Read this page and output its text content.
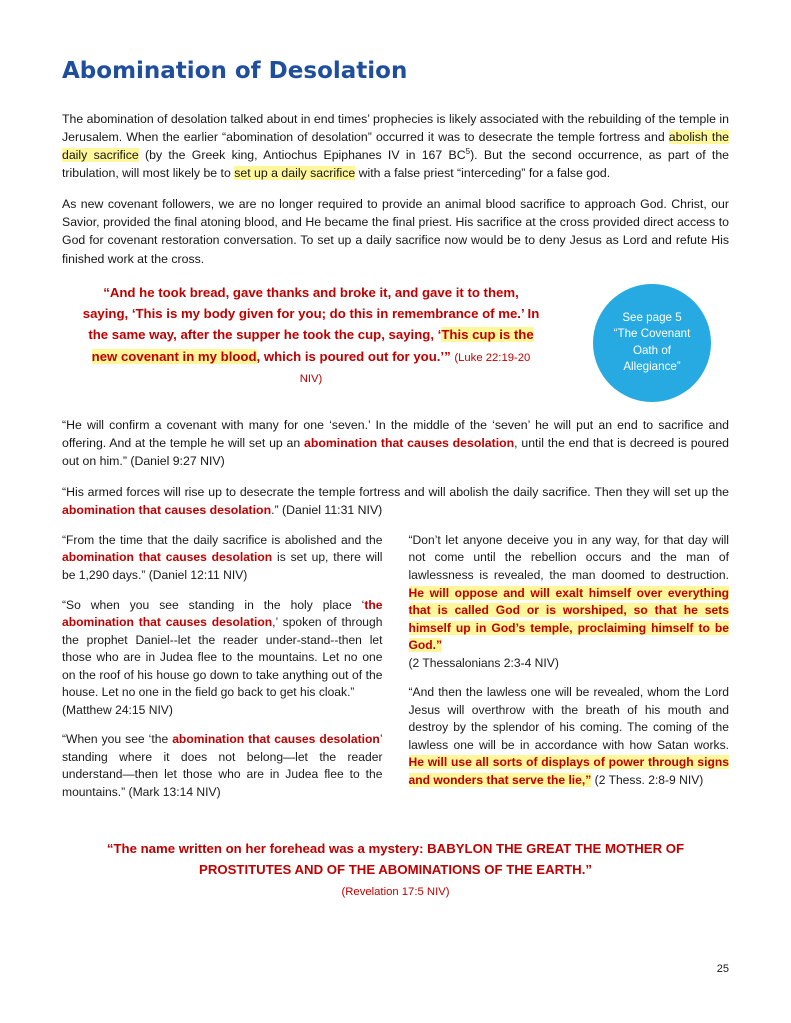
Abomination of Desolation

The abomination of desolation talked about in end times’ prophecies is likely associated with the rebuilding of the temple in Jerusalem. When the earlier “abomination of desolation” occurred it was to desecrate the temple fortress and abolish the daily sacrifice (by the Greek king, Antiochus Epiphanes IV in 167 $BC^5$). But the second occurrence, as part of the tribulation, will most likely be to set up a daily sacrifice with a false priest “interceding” for a false god.

As new covenant followers, we are no longer required to provide an animal blood sacrifice to approach God. Christ, our Savior, provided the final atoning blood, and He became the final priest. His sacrifice at the cross provided direct access to God for covenant restoration conversation. To set up a daily sacrifice now would be to deny Jesus as Lord and refute His finished work at the cross.

“And he took bread, gave thanks and broke it, and gave it to them, saying, ‘This is my body given for you; do this in remembrance of me.’ In the same way, after the supper he took the cup, saying, ‘This cup is the new covenant in my blood, which is poured out for you.’” (Luke 22:19-20 NIV)
See page 5
“The Covenant
Oath of
Allegiance”

“He will confirm a covenant with many for one ‘seven.’ In the middle of the ‘seven’ he will put an end to sacrifice and offering. And at the temple he will set up an abomination that causes desolation, until the end that is decreed is poured out on him.” (Daniel 9:27 NIV)

“His armed forces will rise up to desecrate the temple fortress and will abolish the daily sacrifice. Then they will set up the abomination that causes desolation.” (Daniel 11:31 NIV)

“From the time that the daily sacrifice is abolished and the abomination that causes desolation is set up, there will be 1,290 days.” (Daniel 12:11 NIV)

“So when you see standing in the holy place ‘the abomination that causes desolation,’ spoken of through the prophet Daniel--let the reader under-stand--then let those who are in Judea flee to the mountains. Let no one on the roof of his house go down to take anything out of the house. Let no one in the field go back to get his cloak.”
(Matthew 24:15 NIV)

“When you see ‘the abomination that causes desolation’ standing where it does not belong—let the reader understand—then let those who are in Judea flee to the mountains.” (Mark 13:14 NIV)

“Don’t let anyone deceive you in any way, for that day will not come until the rebellion occurs and the man of lawlessness is revealed, the man doomed to destruction. He will oppose and will exalt himself over everything that is called God or is worshiped, so that he sets himself up in God’s temple, proclaiming himself to be God.”
(2 Thessalonians 2:3-4 NIV)

“And then the lawless one will be revealed, whom the Lord Jesus will overthrow with the breath of his mouth and destroy by the splendor of his coming. The coming of the lawless one will be in accordance with how Satan works. He will use all sorts of displays of power through signs and wonders that serve the lie,” (2 Thess. 2:8-9 NIV)

“The name written on her forehead was a mystery: BABYLON THE GREAT THE MOTHER OF PROSTITUTES AND OF THE ABOMINATIONS OF THE EARTH.”
(Revelation 17:5 NIV)
25
